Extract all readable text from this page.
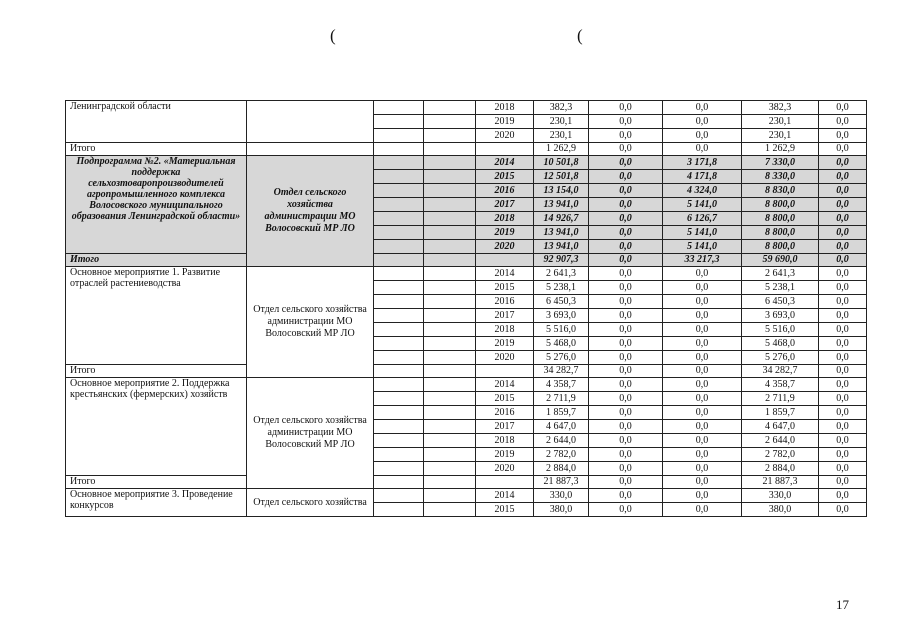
(	(
Ленинградской области				2018	382,3	0,0	0,0	382,3	0,0
				2019	230,1	0,0	0,0	230,1	0,0
				2020	230,1	0,0	0,0	230,1	0,0
Итого					1 262,9	0,0	0,0	1 262,9	0,0
Подпрограмма №2. «Материальная поддержка сельхозтоваропроизводителей агропромышленного комплекса Волосовского муниципального образования Ленинградской области»	Отдел сельского хозяйства администрации МО Волосовский МР ЛО			2014	10 501,8	0,0	3 171,8	7 330,0	0,0
				2015	12 501,8	0,0	4 171,8	8 330,0	0,0
				2016	13 154,0	0,0	4 324,0	8 830,0	0,0
				2017	13 941,0	0,0	5 141,0	8 800,0	0,0
				2018	14 926,7	0,0	6 126,7	8 800,0	0,0
				2019	13 941,0	0,0	5 141,0	8 800,0	0,0
				2020	13 941,0	0,0	5 141,0	8 800,0	0,0
Итого					92 907,3	0,0	33 217,3	59 690,0	0,0
Основное мероприятие 1. Развитие отраслей растениеводства	Отдел сельского хозяйства администрации МО Волосовский МР ЛО			2014	2 641,3	0,0	0,0	2 641,3	0,0
				2015	5 238,1	0,0	0,0	5 238,1	0,0
				2016	6 450,3	0,0	0,0	6 450,3	0,0
				2017	3 693,0	0,0	0,0	3 693,0	0,0
				2018	5 516,0	0,0	0,0	5 516,0	0,0
				2019	5 468,0	0,0	0,0	5 468,0	0,0
				2020	5 276,0	0,0	0,0	5 276,0	0,0
Итого					34 282,7	0,0	0,0	34 282,7	0,0
Основное мероприятие 2. Поддержка крестьянских (фермерских) хозяйств	Отдел сельского хозяйства администрации МО Волосовский МР ЛО			2014	4 358,7	0,0	0,0	4 358,7	0,0
				2015	2 711,9	0,0	0,0	2 711,9	0,0
				2016	1 859,7	0,0	0,0	1 859,7	0,0
				2017	4 647,0	0,0	0,0	4 647,0	0,0
				2018	2 644,0	0,0	0,0	2 644,0	0,0
				2019	2 782,0	0,0	0,0	2 782,0	0,0
				2020	2 884,0	0,0	0,0	2 884,0	0,0
Итого					21 887,3	0,0	0,0	21 887,3	0,0
Основное мероприятие 3. Проведение конкурсов	Отдел сельского хозяйства			2014	330,0	0,0	0,0	330,0	0,0
				2015	380,0	0,0	0,0	380,0	0,0
17
